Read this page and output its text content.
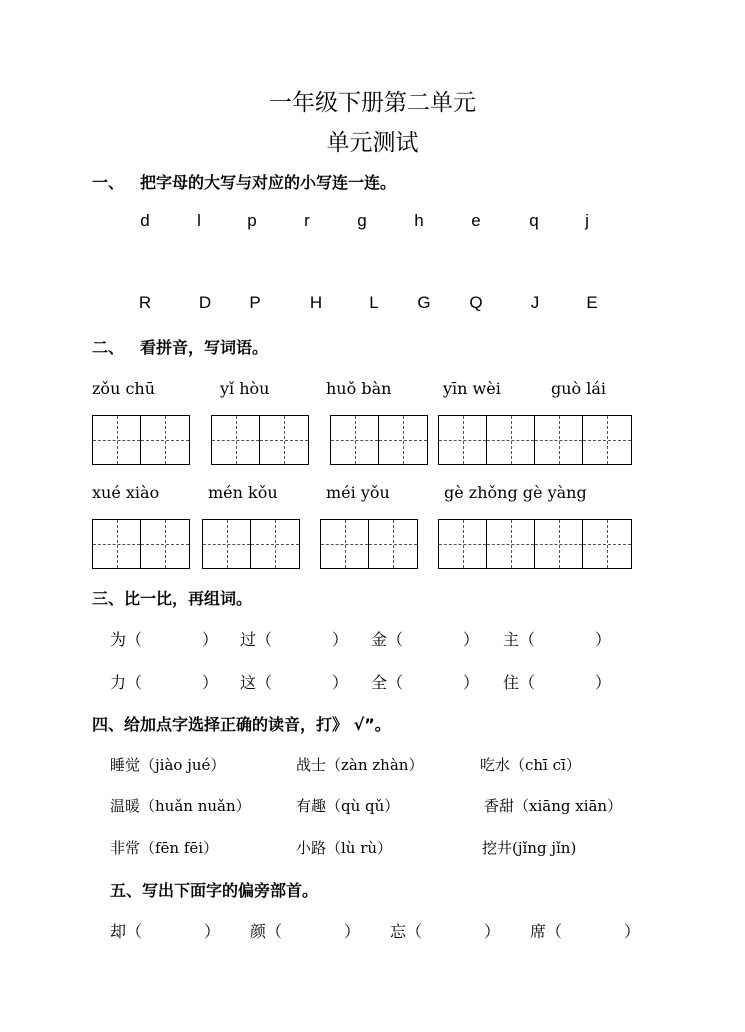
一年级下册第二单元
单元测试
一、 把字母的大写与对应的小写连一连。
d	l	p	r	g	h	e	q	j
R	D P	H	L	G Q	J	E
二、 看拼音，写词语。
zǒu chū	yǐ hòu	huǒ bàn	yīn wèi	guò lái
xué xiào	mén kǒu	méi yǒu	gè zhǒng gè yàng
三、比一比，再组词。
为（	） 过（	） 金（	） 主（	）
力（	） 这（	） 全（	） 住（	）
四、给加点字选择正确的读音，打》 √”。
睡觉（jiào jué）	战士（zàn zhàn）	吃水（chī cī）
温暖（huǎn nuǎn）	有趣（qù qǔ）	香甜（xiāng xiān）
非常（fēn fēi）	小路（lù rù）	挖井(jǐng jǐn)
五、写出下面字的偏旁部首。
却（	） 颜（	） 忘（	） 席（	）
